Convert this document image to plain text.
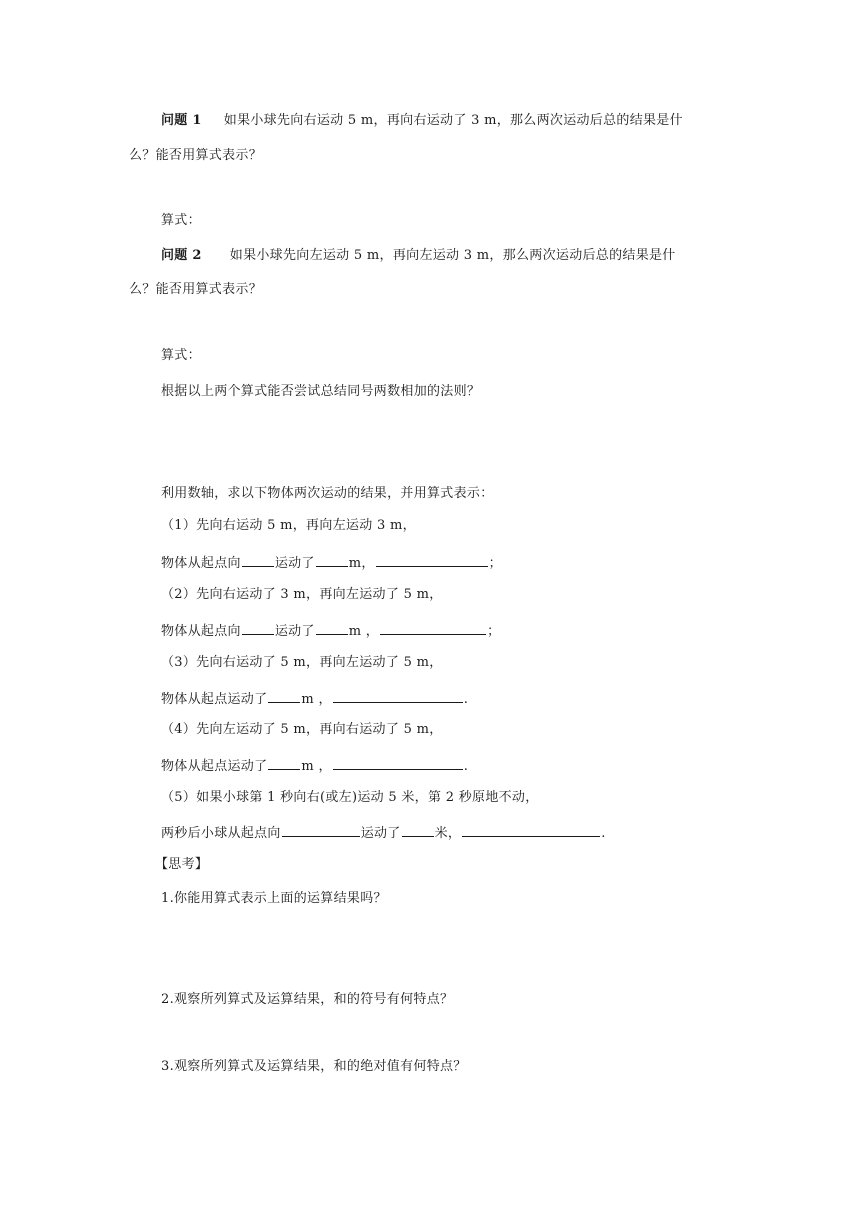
问题 1 如果小球先向右运动 5 m，再向右运动了 3 m，那么两次运动后总的结果是什
么？能否用算式表示？
算式：
问题 2 如果小球先向左运动 5 m，再向左运动 3 m，那么两次运动后总的结果是什
么？能否用算式表示？
算式：
根据以上两个算式能否尝试总结同号两数相加的法则？
利用数轴，求以下物体两次运动的结果，并用算式表示：
（1）先向右运动 5 m，再向左运动 3 m，
物体从起点向	运动了	m，	；
（2）先向右运动了 3 m，再向左运动了 5 m，
物体从起点向	运动了	m ，	；
（3）先向右运动了 5 m，再向左运动了 5 m，
物体从起点运动了	m ，	.
（4）先向左运动了 5 m，再向右运动了 5 m，
物体从起点运动了	m ，	.
（5）如果小球第 1 秒向右(或左)运动 5 米，第 2 秒原地不动，
两秒后小球从起点向	运动了	米，	.
【思考】
1.你能用算式表示上面的运算结果吗？
2.观察所列算式及运算结果，和的符号有何特点？
3.观察所列算式及运算结果，和的绝对值有何特点？
